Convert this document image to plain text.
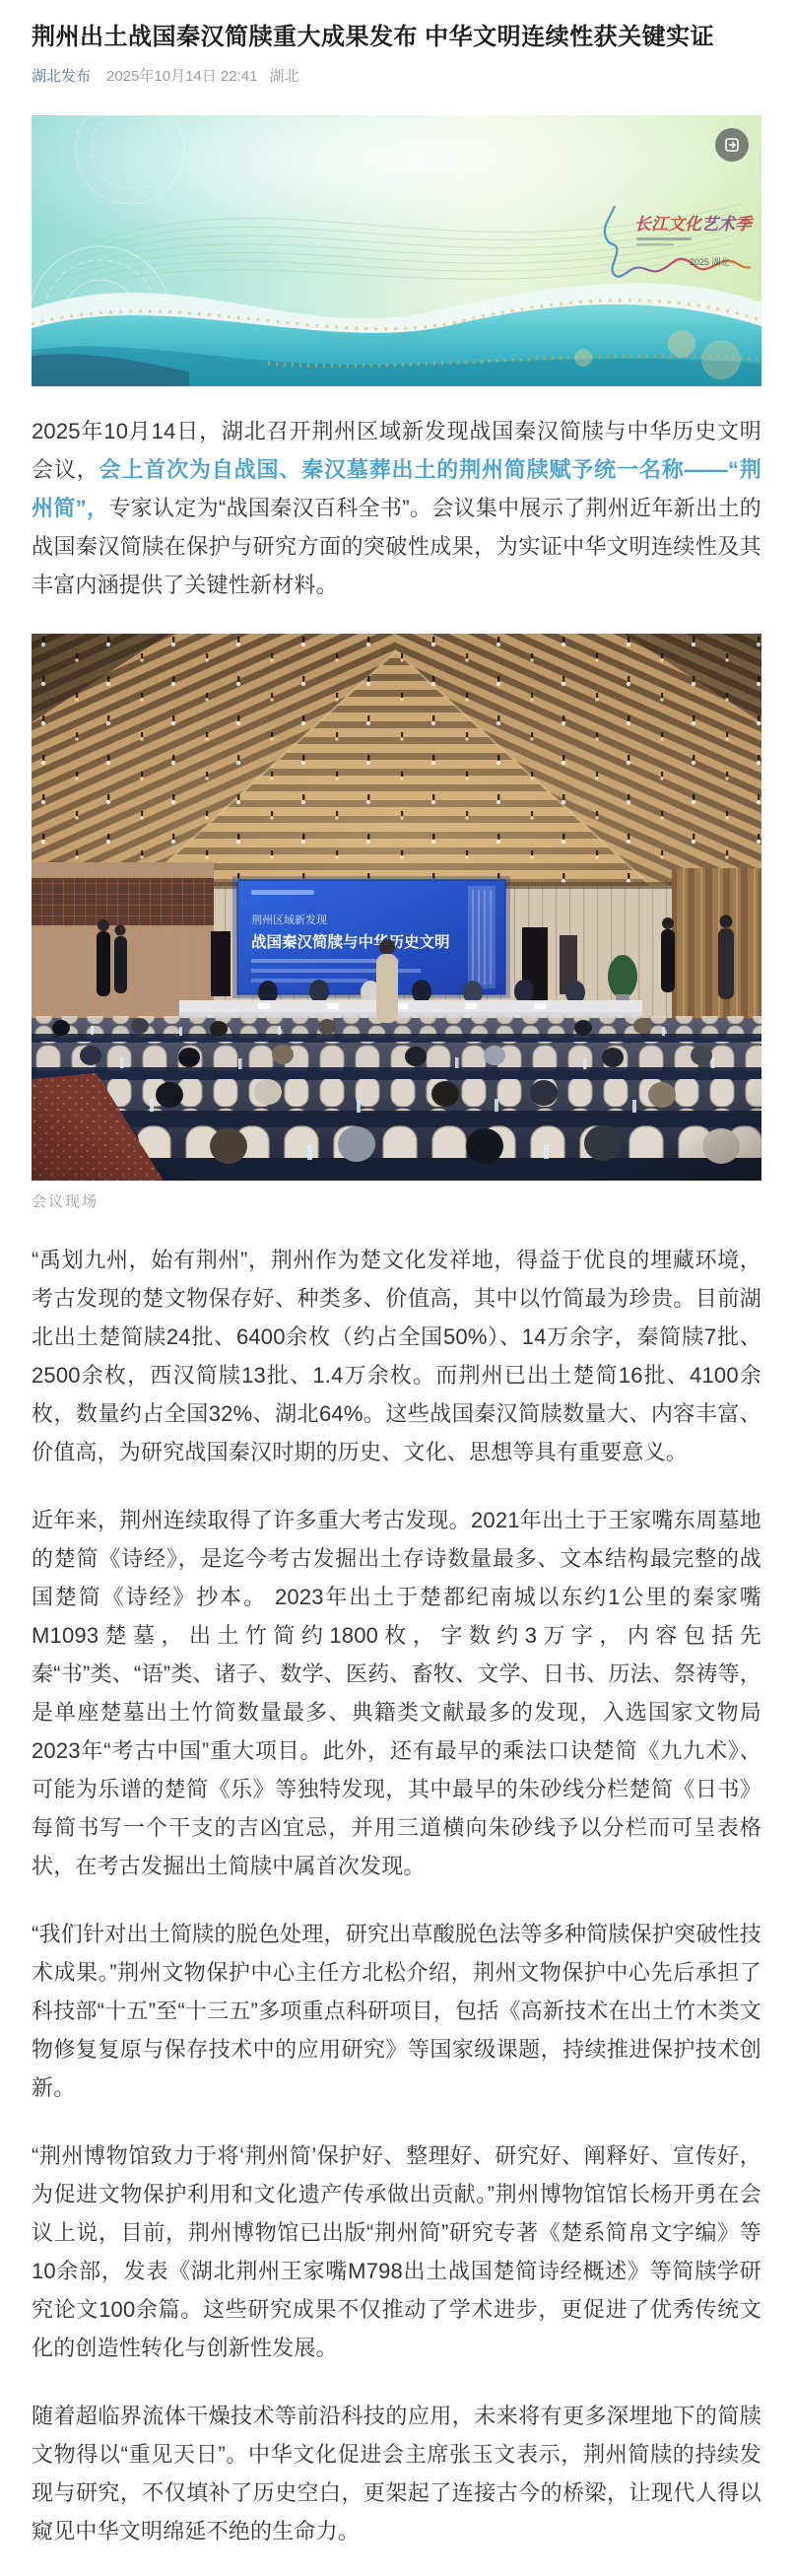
荆州出土战国秦汉简牍重大成果发布 中华文明连续性获关键实证
湖北发布 2025年10月14日 22:41 湖北
长江文化艺术季
2025 湖北

2025年10月14日，湖北召开荆州区域新发现战国秦汉简牍与中华历史文明会议，会上首次为自战国、秦汉墓葬出土的荆州简牍赋予统一名称——“荆州简”，专家认定为“战国秦汉百科全书”。会议集中展示了荆州近年新出土的战国秦汉简牍在保护与研究方面的突破性成果，为实证中华文明连续性及其丰富内涵提供了关键性新材料。

会议现场

“禹划九州，始有荆州”，荆州作为楚文化发祥地，得益于优良的埋藏环境，考古发现的楚文物保存好、种类多、价值高，其中以竹简最为珍贵。目前湖北出土楚简牍24批、6400余枚（约占全国50%）、14万余字，秦简牍7批、2500余枚，西汉简牍13批、1.4万余枚。而荆州已出土楚简16批、4100余枚，数量约占全国32%、湖北64%。这些战国秦汉简牍数量大、内容丰富、价值高，为研究战国秦汉时期的历史、文化、思想等具有重要意义。

近年来，荆州连续取得了许多重大考古发现。2021年出土于王家嘴东周墓地的楚简《诗经》，是迄今考古发掘出土存诗数量最多、文本结构最完整的战国楚简《诗经》抄本。 2023年出土于楚都纪南城以东约1公里的秦家嘴M1093楚墓，出土竹简约1800枚，字数约3万字，内容包括先秦“书”类、“语”类、诸子、数学、医药、畜牧、文学、日书、历法、祭祷等，是单座楚墓出土竹简数量最多、典籍类文献最多的发现，入选国家文物局2023年“考古中国”重大项目。此外，还有最早的乘法口诀楚简《九九术》、可能为乐谱的楚简《乐》等独特发现，其中最早的朱砂线分栏楚简《日书》每简书写一个干支的吉凶宜忌，并用三道横向朱砂线予以分栏而可呈表格状，在考古发掘出土简牍中属首次发现。

“我们针对出土简牍的脱色处理，研究出草酸脱色法等多种简牍保护突破性技术成果。”荆州文物保护中心主任方北松介绍，荆州文物保护中心先后承担了科技部“十五”至“十三五”多项重点科研项目，包括《高新技术在出土竹木类文物修复复原与保存技术中的应用研究》等国家级课题，持续推进保护技术创新。

“荆州博物馆致力于将‘荆州简’保护好、整理好、研究好、阐释好、宣传好，为促进文物保护利用和文化遗产传承做出贡献。”荆州博物馆馆长杨开勇在会议上说，目前，荆州博物馆已出版“荆州简”研究专著《楚系简帛文字编》等10余部，发表《湖北荆州王家嘴M798出土战国楚简诗经概述》等简牍学研究论文100余篇。这些研究成果不仅推动了学术进步，更促进了优秀传统文化的创造性转化与创新性发展。

随着超临界流体干燥技术等前沿科技的应用，未来将有更多深埋地下的简牍文物得以“重见天日”。中华文化促进会主席张玉文表示，荆州简牍的持续发现与研究，不仅填补了历史空白，更架起了连接古今的桥梁，让现代人得以窥见中华文明绵延不绝的生命力。
